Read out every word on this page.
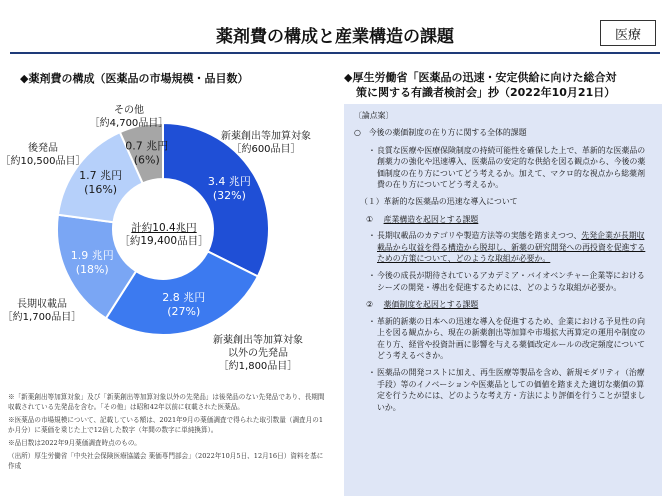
薬剤費の構成と産業構造の課題	医療
◆薬剤費の構成（医薬品の市場規模・品目数）
3.4 兆円
(32%)
2.8 兆円
(27%)
1.9 兆円
(18%)
1.7 兆円
(16%)
0.7 兆円
(6%)
計約10.4兆円
［約19,400品目］
新薬創出等加算対象
［約600品目］
新薬創出等加算対象
以外の先発品
［約1,800品目］
長期収載品
［約1,700品目］
後発品
［約10,500品目］
その他
［約4,700品目］

※「新薬創出等加算対象」及び「新薬創出等加算対象以外の先発品」は後発品のない先発品であり、長期間収載されている先発品を含む。「その他」は昭和42年以前に収載された医薬品。

※医薬品の市場規模について、記載している額は、2021年9月の薬価調査で得られた取引数量（調査月の1か月分）に薬価を乗じた上で12倍した数字（年間の数字に単純換算）。

※品目数は2022年9月薬価調査時点のもの。

（出所）厚生労働省「中央社会保険医療協議会 薬価専門部会」（2022年10月5日、12月16日）資料を基に作成

◆厚生労働省「医薬品の迅速・安定供給に向けた総合対
策に関する有識者検討会」抄（2022年10月21日）
〔論点案〕
○　今後の薬価制度の在り方に関する全体的課題
・ 良質な医療や医療保険制度の持続可能性を確保した上で、革新的な医薬品の創薬力の強化や迅速導入、医薬品の安定的な供給を図る観点から、今後の薬価制度の在り方についてどう考えるか。加えて、マクロ的な視点から総薬剤費の在り方についてどう考えるか。
（１）革新的な医薬品の迅速な導入について
① 産業構造を起因とする課題
・ 長期収載品のカテゴリや製造方法等の実態を踏まえつつ、先発企業が長期収載品から収益を得る構造から脱却し、新薬の研究開発への再投資を促進するための方策について、どのような取組が必要か。
・ 今後の成長が期待されているアカデミア・バイオベンチャー企業等におけるシーズの開発・導出を促進するためには、どのような取組が必要か。
② 薬価制度を起因とする課題
・ 革新的新薬の日本への迅速な導入を促進するため、企業における予見性の向上を図る観点から、現在の新薬創出等加算や市場拡大再算定の運用や制度の在り方、経営や投資計画に影響を与える薬価改定ルールの改定頻度についてどう考えるべきか。
・ 医薬品の開発コストに加え、再生医療等製品を含め、新規モダリティ（治療手段）等のイノベーションや医薬品としての価値を踏まえた適切な薬価の算定を行うためには、どのような考え方・方法により評価を行うことが望ましいか。
